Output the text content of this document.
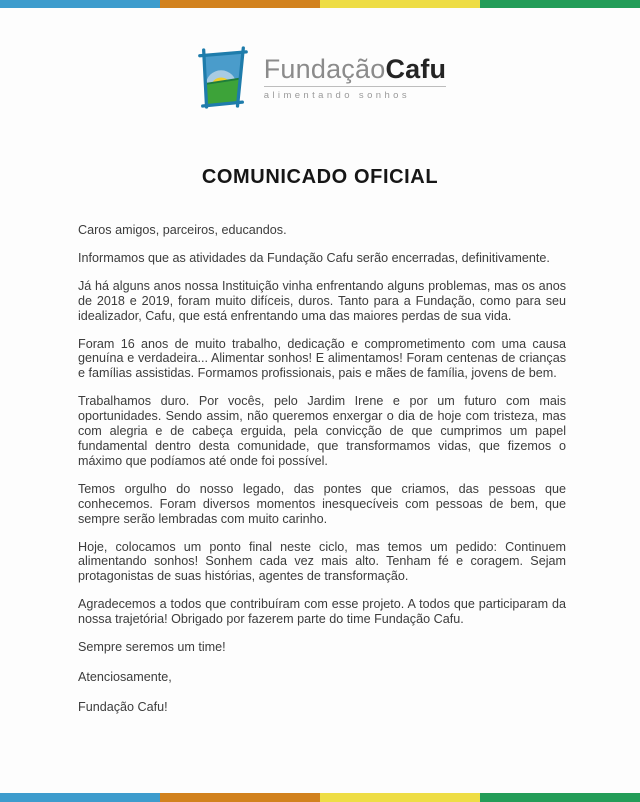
FundaçãoCafu
alimentando sonhos
COMUNICADO OFICIAL

Caros amigos, parceiros, educandos.

Informamos que as atividades da Fundação Cafu serão encerradas, definitivamente.

Já há alguns anos nossa Instituição vinha enfrentando alguns problemas, mas os anos de 2018 e 2019, foram muito difíceis, duros. Tanto para a Fundação, como para seu idealizador, Cafu, que está enfrentando uma das maiores perdas de sua vida.

Foram 16 anos de muito trabalho, dedicação e comprometimento com uma causa genuína e verdadeira... Alimentar sonhos! E alimentamos! Foram centenas de crianças e famílias assistidas. Formamos profissionais, pais e mães de família, jovens de bem.

Trabalhamos duro. Por vocês, pelo Jardim Irene e por um futuro com mais oportunidades. Sendo assim, não queremos enxergar o dia de hoje com tristeza, mas com alegria e de cabeça erguida, pela convicção de que cumprimos um papel fundamental dentro desta comunidade, que transformamos vidas, que fizemos o máximo que podíamos até onde foi possível.

Temos orgulho do nosso legado, das pontes que criamos, das pessoas que conhecemos. Foram diversos momentos inesquecíveis com pessoas de bem, que sempre serão lembradas com muito carinho.

Hoje, colocamos um ponto final neste ciclo, mas temos um pedido: Continuem alimentando sonhos! Sonhem cada vez mais alto. Tenham fé e coragem. Sejam protagonistas de suas histórias, agentes de transformação.

Agradecemos a todos que contribuíram com esse projeto. A todos que participaram da nossa trajetória! Obrigado por fazerem parte do time Fundação Cafu.

Sempre seremos um time!

Atenciosamente,

Fundação Cafu!
